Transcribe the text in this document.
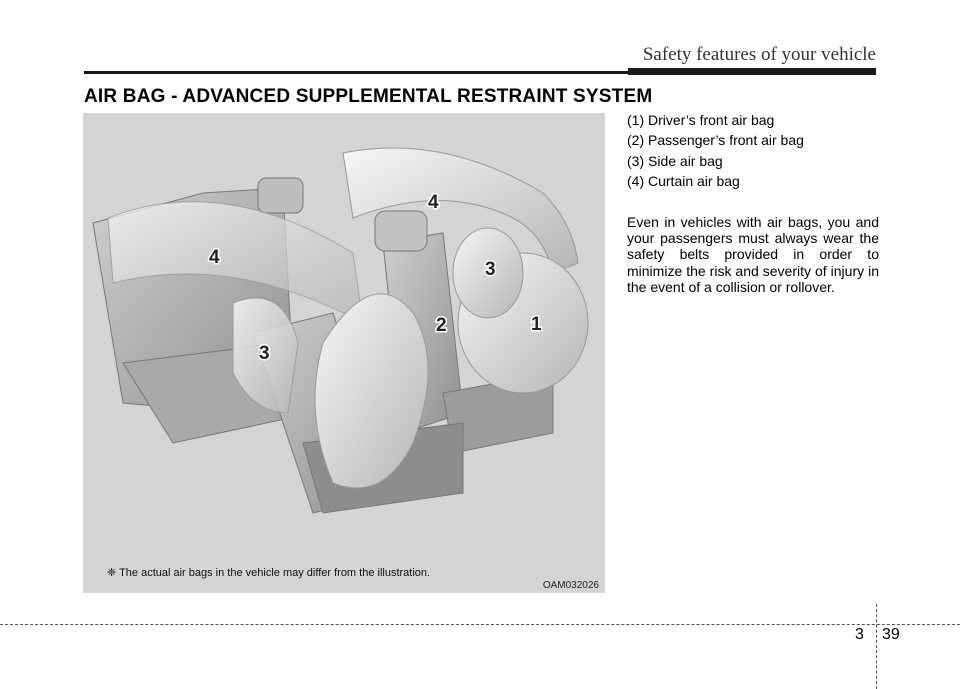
Safety features of your vehicle
AIR BAG - ADVANCED SUPPLEMENTAL RESTRAINT SYSTEM
1
2
3
3
4
4
❈ The actual air bags in the vehicle may differ from the illustration.
OAM032026
(1) Driver’s front air bag
(2) Passenger’s front air bag
(3) Side air bag
(4) Curtain air bag
Even in vehicles with air bags, you and your passengers must always wear the safety belts provided in order to minimize the risk and severity of injury in the event of a collision or rollover.
3 39
